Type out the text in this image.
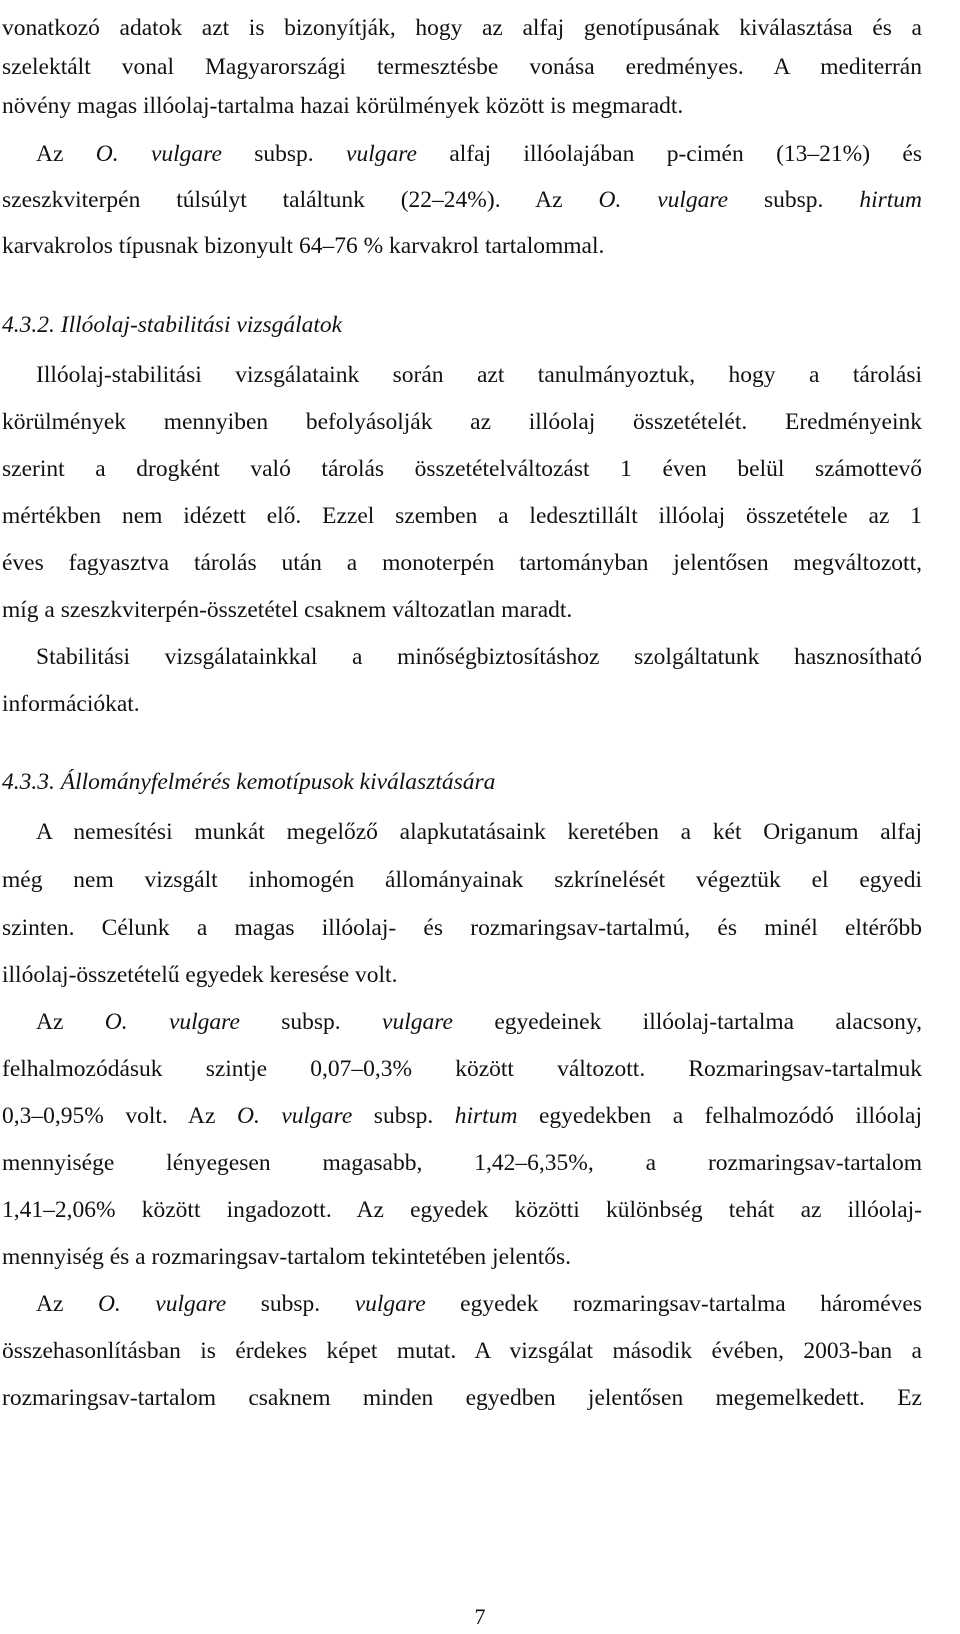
vonatkozó adatok azt is bizonyítják, hogy az alfaj genotípusának kiválasztása és a
szelektált vonal Magyarországi termesztésbe vonása eredményes. A mediterrán
növény magas illóolaj-tartalma hazai körülmények között is megmaradt.
Az O. vulgare subsp. vulgare alfaj illóolajában p-cimén (13–21%) és
szeszkviterpén túlsúlyt találtunk (22–24%). Az O. vulgare subsp. hirtum
karvakrolos típusnak bizonyult 64–76 % karvakrol tartalommal.
4.3.2. Illóolaj-stabilitási vizsgálatok
Illóolaj-stabilitási vizsgálataink során azt tanulmányoztuk, hogy a tárolási
körülmények mennyiben befolyásolják az illóolaj összetételét. Eredményeink
szerint a drogként való tárolás összetételváltozást 1 éven belül számottevő
mértékben nem idézett elő. Ezzel szemben a ledesztillált illóolaj összetétele az 1
éves fagyasztva tárolás után a monoterpén tartományban jelentősen megváltozott,
míg a szeszkviterpén-összetétel csaknem változatlan maradt.
Stabilitási vizsgálatainkkal a minőségbiztosításhoz szolgáltatunk hasznosítható
információkat.
4.3.3. Állományfelmérés kemotípusok kiválasztására
A nemesítési munkát megelőző alapkutatásaink keretében a két Origanum alfaj
még nem vizsgált inhomogén állományainak szkrínelését végeztük el egyedi
szinten. Célunk a magas illóolaj- és rozmaringsav-tartalmú, és minél eltérőbb
illóolaj-összetételű egyedek keresése volt.
Az O. vulgare subsp. vulgare egyedeinek illóolaj-tartalma alacsony,
felhalmozódásuk szintje 0,07–0,3% között változott. Rozmaringsav-tartalmuk
0,3–0,95% volt. Az O. vulgare subsp. hirtum egyedekben a felhalmozódó illóolaj
mennyisége lényegesen magasabb, 1,42–6,35%, a rozmaringsav-tartalom
1,41–2,06% között ingadozott. Az egyedek közötti különbség tehát az illóolaj-
mennyiség és a rozmaringsav-tartalom tekintetében jelentős.
Az O. vulgare subsp. vulgare egyedek rozmaringsav-tartalma hároméves
összehasonlításban is érdekes képet mutat. A vizsgálat második évében, 2003-ban a
rozmaringsav-tartalom csaknem minden egyedben jelentősen megemelkedett. Ez
7
